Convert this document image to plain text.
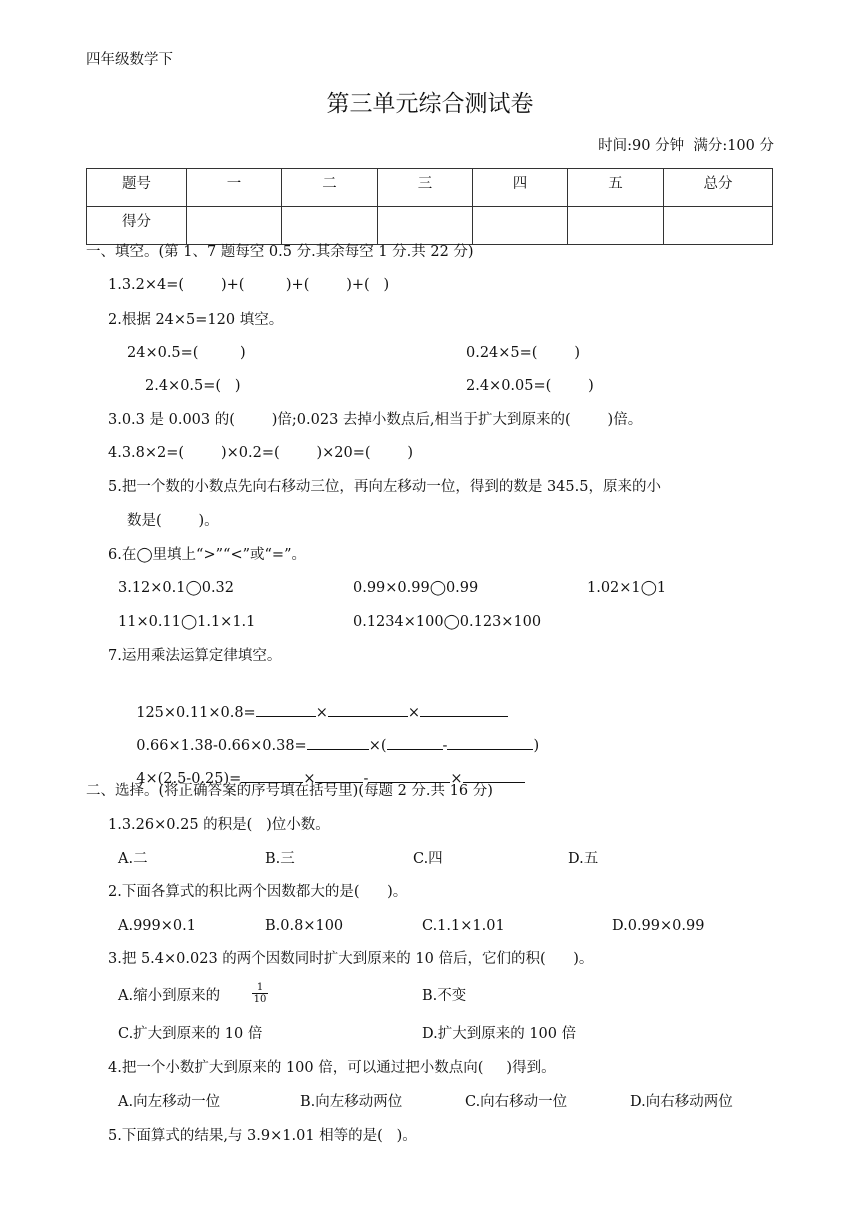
四年级数学下
第三单元综合测试卷
时间:90 分钟  满分:100 分
题号	一	二	三	四	五	总分
得分						
一、填空。(第 1、7 题每空 0.5 分.其余每空 1 分.共 22 分)
1.3.2×4=(        )+(         )+(        )+(   )
2.根据 24×5=120 填空。
24×0.5=(         )	0.24×5=(        )
2.4×0.5=(   )	2.4×0.05=(        )
3.0.3 是 0.003 的(        )倍;0.023 去掉小数点后,相当于扩大到原来的(        )倍。
4.3.8×2=(        )×0.2=(        )×20=(        )
5.把一个数的小数点先向右移动三位，再向左移动一位，得到的数是 345.5，原来的小
数是(        )。
6.在◯里填上“>”“<”或“=”。
3.12×0.1◯0.32	0.99×0.99◯0.99	1.02×1◯1
11×0.11◯1.1×1.1	0.1234×100◯0.123×100
7.运用乘法运算定律填空。

125×0.11×0.8=	×	×

0.66×1.38-0.66×0.38=	×(	-	)

4×(2.5-0.25)=	×	-	×

二、选择。(将正确答案的序号填在括号里)(每题 2 分.共 16 分)
1.3.26×0.25 的积是(   )位小数。
A.二	B.三	C.四	D.五
2.下面各算式的积比两个因数都大的是(      )。
A.999×0.1	B.0.8×100	C.1.1×1.01	D.0.99×0.99
3.把 5.4×0.023 的两个因数同时扩大到原来的 10 倍后，它们的积(      )。
A.缩小到原来的	$\frac{1}{10}$	B.不变
C.扩大到原来的 10 倍	D.扩大到原来的 100 倍
4.把一个小数扩大到原来的 100 倍，可以通过把小数点向(     )得到。
A.向左移动一位	B.向左移动两位	C.向右移动一位	D.向右移动两位
5.下面算式的结果,与 3.9×1.01 相等的是(   )。
